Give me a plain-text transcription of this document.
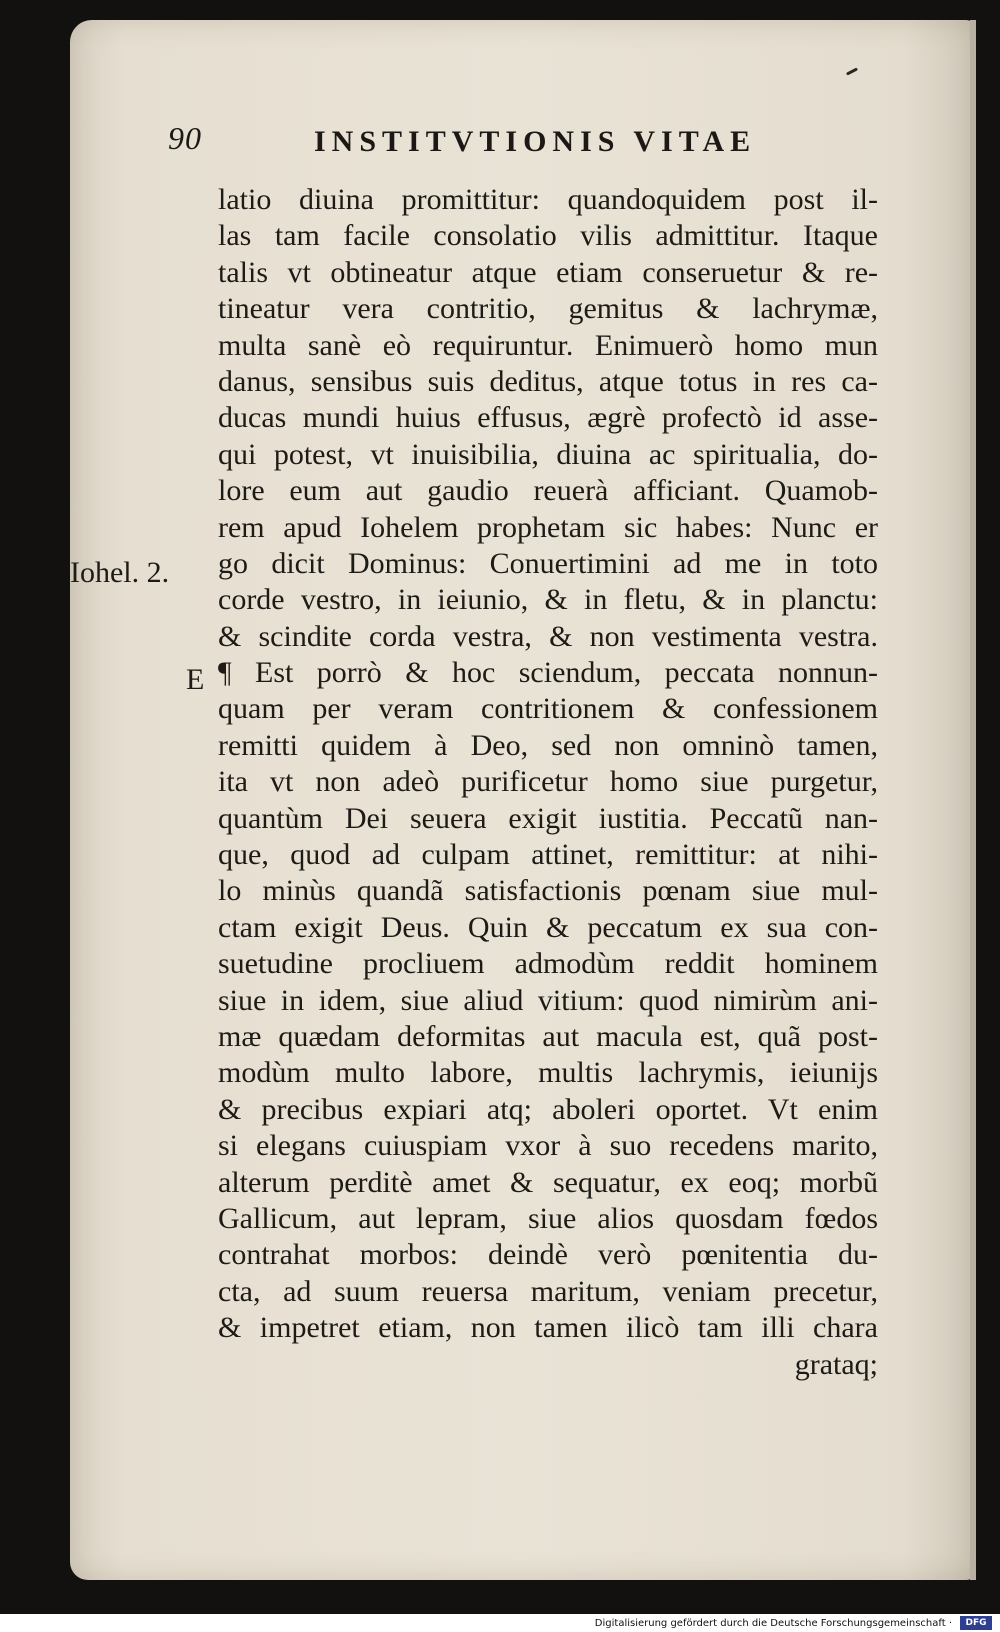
90	INSTITVTIONIS VITAE
Iohel. 2.
E
latio diuina promittitur: quandoquidem post il-
las tam facile consolatio vilis admittitur. Itaque
talis vt obtineatur atque etiam conseruetur & re-
tineatur vera contritio, gemitus & lachrymæ,
multa sanè eò requiruntur. Enimuerò homo mun
danus, sensibus suis deditus, atque totus in res ca-
ducas mundi huius effusus, ægrè profectò id asse-
qui potest, vt inuisibilia, diuina ac spiritualia, do-
lore eum aut gaudio reuerà afficiant. Quamob-
rem apud Iohelem prophetam sic habes: Nunc er
go dicit Dominus: Conuertimini ad me in toto
corde vestro, in ieiunio, & in fletu, & in planctu:
& scindite corda vestra, & non vestimenta vestra.
¶ Est porrò & hoc sciendum, peccata nonnun-
quam per veram contritionem & confessionem
remitti quidem à Deo, sed non omninò tamen,
ita vt non adeò purificetur homo siue purgetur,
quantùm Dei seuera exigit iustitia. Peccatũ nan-
que, quod ad culpam attinet, remittitur: at nihi-
lo minùs quandã satisfactionis pœnam siue mul-
ctam exigit Deus. Quin & peccatum ex sua con-
suetudine procliuem admodùm reddit hominem
siue in idem, siue aliud vitium: quod nimirùm ani-
mæ quædam deformitas aut macula est, quã post-
modùm multo labore, multis lachrymis, ieiunijs
& precibus expiari atq; aboleri oportet. Vt enim
si elegans cuiuspiam vxor à suo recedens marito,
alterum perditè amet & sequatur, ex eoq; morbũ
Gallicum, aut lepram, siue alios quosdam fœdos
contrahat morbos: deindè verò pœnitentia du-
cta, ad suum reuersa maritum, veniam precetur,
& impetret etiam, non tamen ilicò tam illi chara
grataq;
Digitalisierung gefördert durch die Deutsche Forschungsgemeinschaft ·	DFG
